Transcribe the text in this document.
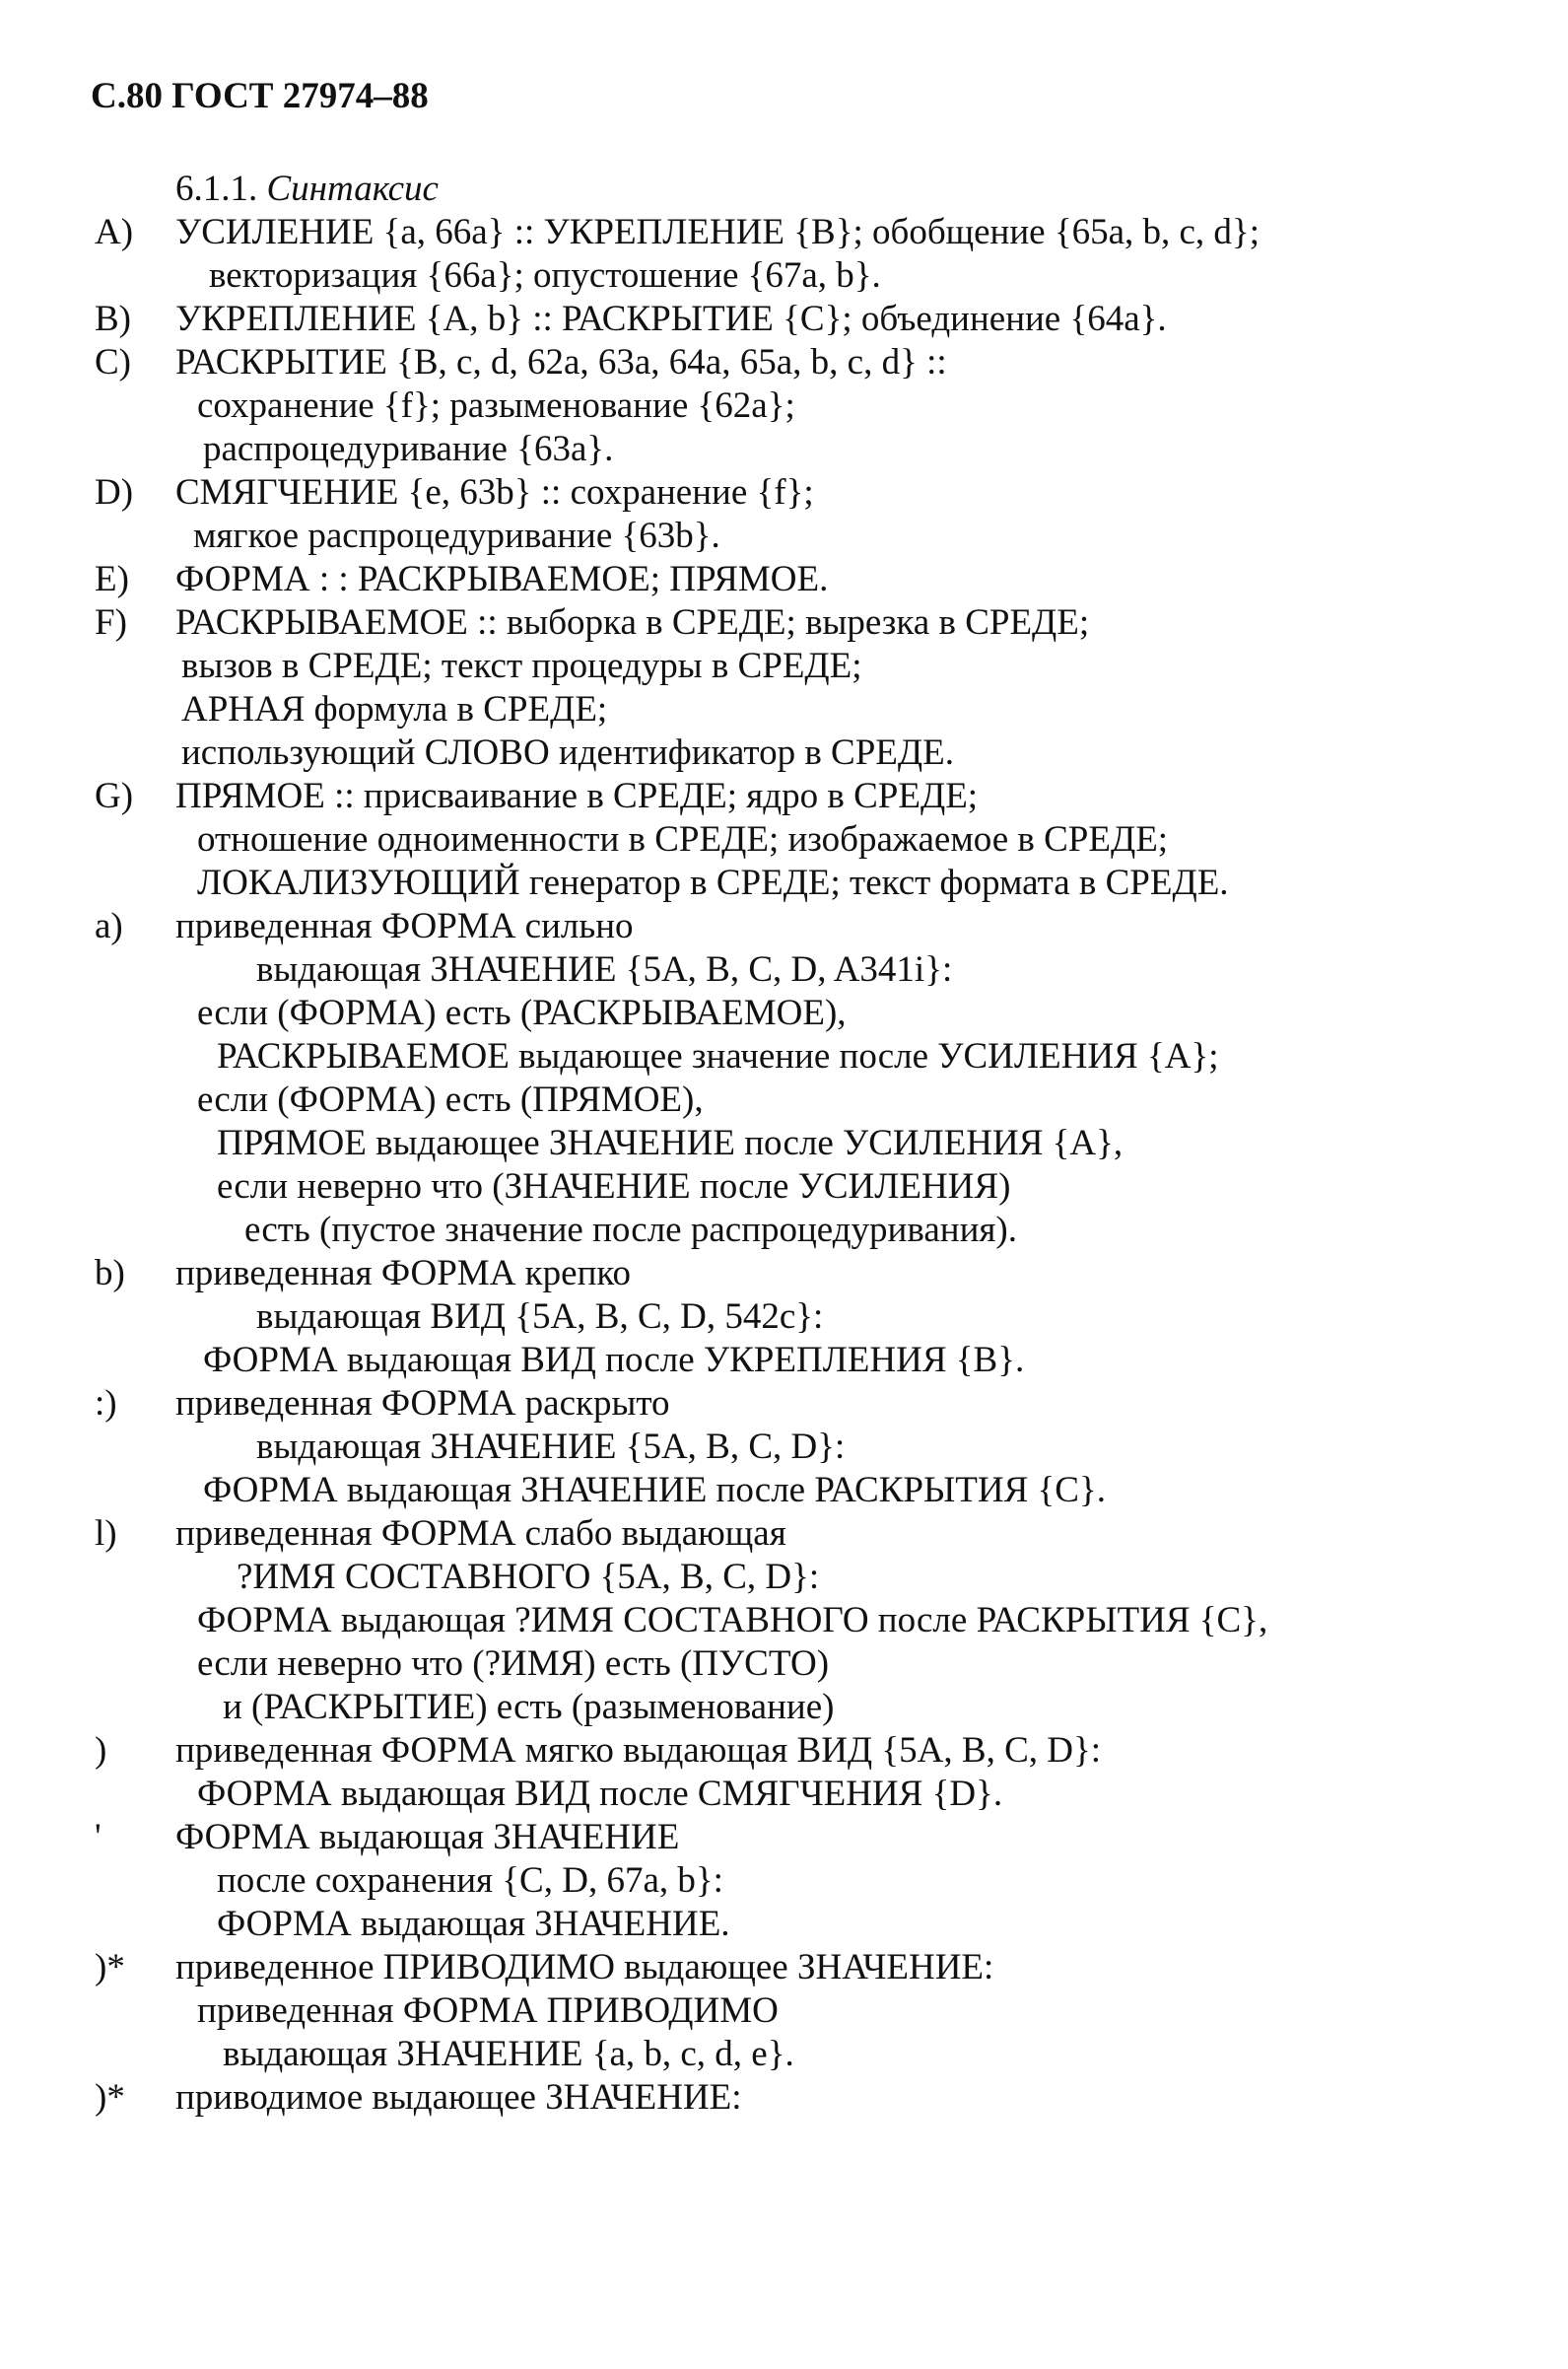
С.80 ГОСТ 27974–88
6.1.1. Синтаксис
A)	УСИЛЕНИЕ {a, 66a} :: УКРЕПЛЕНИЕ {B}; обобщение {65a, b, c, d};
векторизация {66a}; опустошение {67a, b}.
B)	УКРЕПЛЕНИЕ {A, b} :: РАСКРЫТИЕ {C}; объединение {64a}.
C)	РАСКРЫТИЕ {B, c, d, 62a, 63a, 64a, 65a, b, c, d} ::
сохранение {f}; разыменование {62a};
распроцедуривание {63a}.
D)	СМЯГЧЕНИЕ {e, 63b} :: сохранение {f};
мягкое распроцедуривание {63b}.
E)	ФОРМА : : РАСКРЫВАЕМОЕ; ПРЯМОЕ.
F)	РАСКРЫВАЕМОЕ :: выборка в СРЕДЕ; вырезка в СРЕДЕ;
вызов в СРЕДЕ; текст процедуры в СРЕДЕ;
АРНАЯ формула в СРЕДЕ;
использующий СЛОВО идентификатор в СРЕДЕ.
G)	ПРЯМОЕ :: присваивание в СРЕДЕ; ядро в СРЕДЕ;
отношение одноименности в СРЕДЕ; изображаемое в СРЕДЕ;
ЛОКАЛИЗУЮЩИЙ генератор в СРЕДЕ; текст формата в СРЕДЕ.
a)	приведенная ФОРМА сильно
выдающая ЗНАЧЕНИЕ {5A, B, C, D, A341i}:
если (ФОРМА) есть (РАСКРЫВАЕМОЕ),
РАСКРЫВАЕМОЕ выдающее значение после УСИЛЕНИЯ {A};
если (ФОРМА) есть (ПРЯМОЕ),
ПРЯМОЕ выдающее ЗНАЧЕНИЕ после УСИЛЕНИЯ {A},
если неверно что (ЗНАЧЕНИЕ после УСИЛЕНИЯ)
есть (пустое значение после распроцедуривания).
b)	приведенная ФОРМА крепко
выдающая ВИД {5A, B, C, D, 542c}:
ФОРМА выдающая ВИД после УКРЕПЛЕНИЯ {B}.
:)	приведенная ФОРМА раскрыто
выдающая ЗНАЧЕНИЕ {5A, B, C, D}:
ФОРМА выдающая ЗНАЧЕНИЕ после РАСКРЫТИЯ {C}.
l)	приведенная ФОРМА слабо выдающая
?ИМЯ СОСТАВНОГО {5A, B, C, D}:
ФОРМА выдающая ?ИМЯ СОСТАВНОГО после РАСКРЫТИЯ {C},
если неверно что (?ИМЯ) есть (ПУСТО)
и (РАСКРЫТИЕ) есть (разыменование)
)	приведенная ФОРМА мягко выдающая ВИД {5A, B, C, D}:
ФОРМА выдающая ВИД после СМЯГЧЕНИЯ {D}.
'	ФОРМА выдающая ЗНАЧЕНИЕ
после сохранения {C, D, 67a, b}:
ФОРМА выдающая ЗНАЧЕНИЕ.
)*	приведенное ПРИВОДИМО выдающее ЗНАЧЕНИЕ:
приведенная ФОРМА ПРИВОДИМО
выдающая ЗНАЧЕНИЕ {a, b, c, d, e}.
)*	приводимое выдающее ЗНАЧЕНИЕ:
